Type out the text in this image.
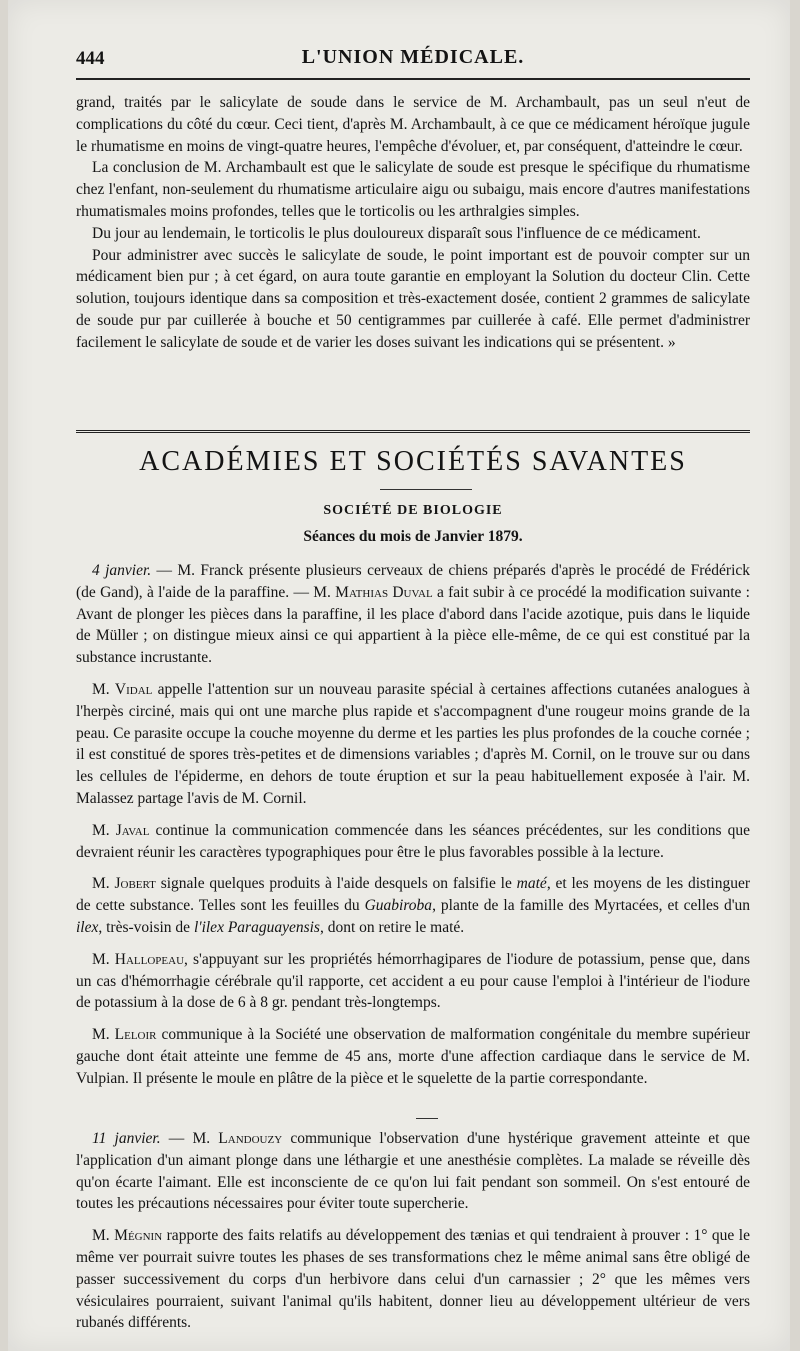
444	L'UNION MÉDICALE.

grand, traités par le salicylate de soude dans le service de M. Archambault, pas un seul n'eut de complications du côté du cœur. Ceci tient, d'après M. Archambault, à ce que ce médicament héroïque jugule le rhumatisme en moins de vingt-quatre heures, l'empêche d'évoluer, et, par conséquent, d'atteindre le cœur.

La conclusion de M. Archambault est que le salicylate de soude est presque le spécifique du rhumatisme chez l'enfant, non-seulement du rhumatisme articulaire aigu ou subaigu, mais encore d'autres manifestations rhumatismales moins profondes, telles que le torticolis ou les arthralgies simples.

Du jour au lendemain, le torticolis le plus douloureux disparaît sous l'influence de ce médicament.

Pour administrer avec succès le salicylate de soude, le point important est de pouvoir compter sur un médicament bien pur ; à cet égard, on aura toute garantie en employant la Solution du docteur Clin. Cette solution, toujours identique dans sa composition et très-exactement dosée, contient 2 grammes de salicylate de soude pur par cuillerée à bouche et 50 centigrammes par cuillerée à café. Elle permet d'administrer facilement le salicylate de soude et de varier les doses suivant les indications qui se présentent. »

ACADÉMIES ET SOCIÉTÉS SAVANTES
SOCIÉTÉ DE BIOLOGIE
Séances du mois de Janvier 1879.

4 janvier. — M. Franck présente plusieurs cerveaux de chiens préparés d'après le procédé de Frédérick (de Gand), à l'aide de la paraffine. — M. Mathias Duval a fait subir à ce procédé la modification suivante : Avant de plonger les pièces dans la paraffine, il les place d'abord dans l'acide azotique, puis dans le liquide de Müller ; on distingue mieux ainsi ce qui appartient à la pièce elle-même, de ce qui est constitué par la substance incrustante.

M. Vidal appelle l'attention sur un nouveau parasite spécial à certaines affections cutanées analogues à l'herpès circiné, mais qui ont une marche plus rapide et s'accompagnent d'une rougeur moins grande de la peau. Ce parasite occupe la couche moyenne du derme et les parties les plus profondes de la couche cornée ; il est constitué de spores très-petites et de dimensions variables ; d'après M. Cornil, on le trouve sur ou dans les cellules de l'épiderme, en dehors de toute éruption et sur la peau habituellement exposée à l'air. M. Malassez partage l'avis de M. Cornil.

M. Javal continue la communication commencée dans les séances précédentes, sur les conditions que devraient réunir les caractères typographiques pour être le plus favorables possible à la lecture.

M. Jobert signale quelques produits à l'aide desquels on falsifie le maté, et les moyens de les distinguer de cette substance. Telles sont les feuilles du Guabiroba, plante de la famille des Myrtacées, et celles d'un ilex, très-voisin de l'ilex Paraguayensis, dont on retire le maté.

M. Hallopeau, s'appuyant sur les propriétés hémorrhagipares de l'iodure de potassium, pense que, dans un cas d'hémorrhagie cérébrale qu'il rapporte, cet accident a eu pour cause l'emploi à l'intérieur de l'iodure de potassium à la dose de 6 à 8 gr. pendant très-longtemps.

M. Leloir communique à la Société une observation de malformation congénitale du membre supérieur gauche dont était atteinte une femme de 45 ans, morte d'une affection cardiaque dans le service de M. Vulpian. Il présente le moule en plâtre de la pièce et le squelette de la partie correspondante.

11 janvier. — M. Landouzy communique l'observation d'une hystérique gravement atteinte et que l'application d'un aimant plonge dans une léthargie et une anesthésie complètes. La malade se réveille dès qu'on écarte l'aimant. Elle est inconsciente de ce qu'on lui fait pendant son sommeil. On s'est entouré de toutes les précautions nécessaires pour éviter toute supercherie.

M. Mégnin rapporte des faits relatifs au développement des tænias et qui tendraient à prouver : 1° que le même ver pourrait suivre toutes les phases de ses transformations chez le même animal sans être obligé de passer successivement du corps d'un herbivore dans celui d'un carnassier ; 2° que les mêmes vers vésiculaires pourraient, suivant l'animal qu'ils habitent, donner lieu au développement ultérieur de vers rubanés différents.
